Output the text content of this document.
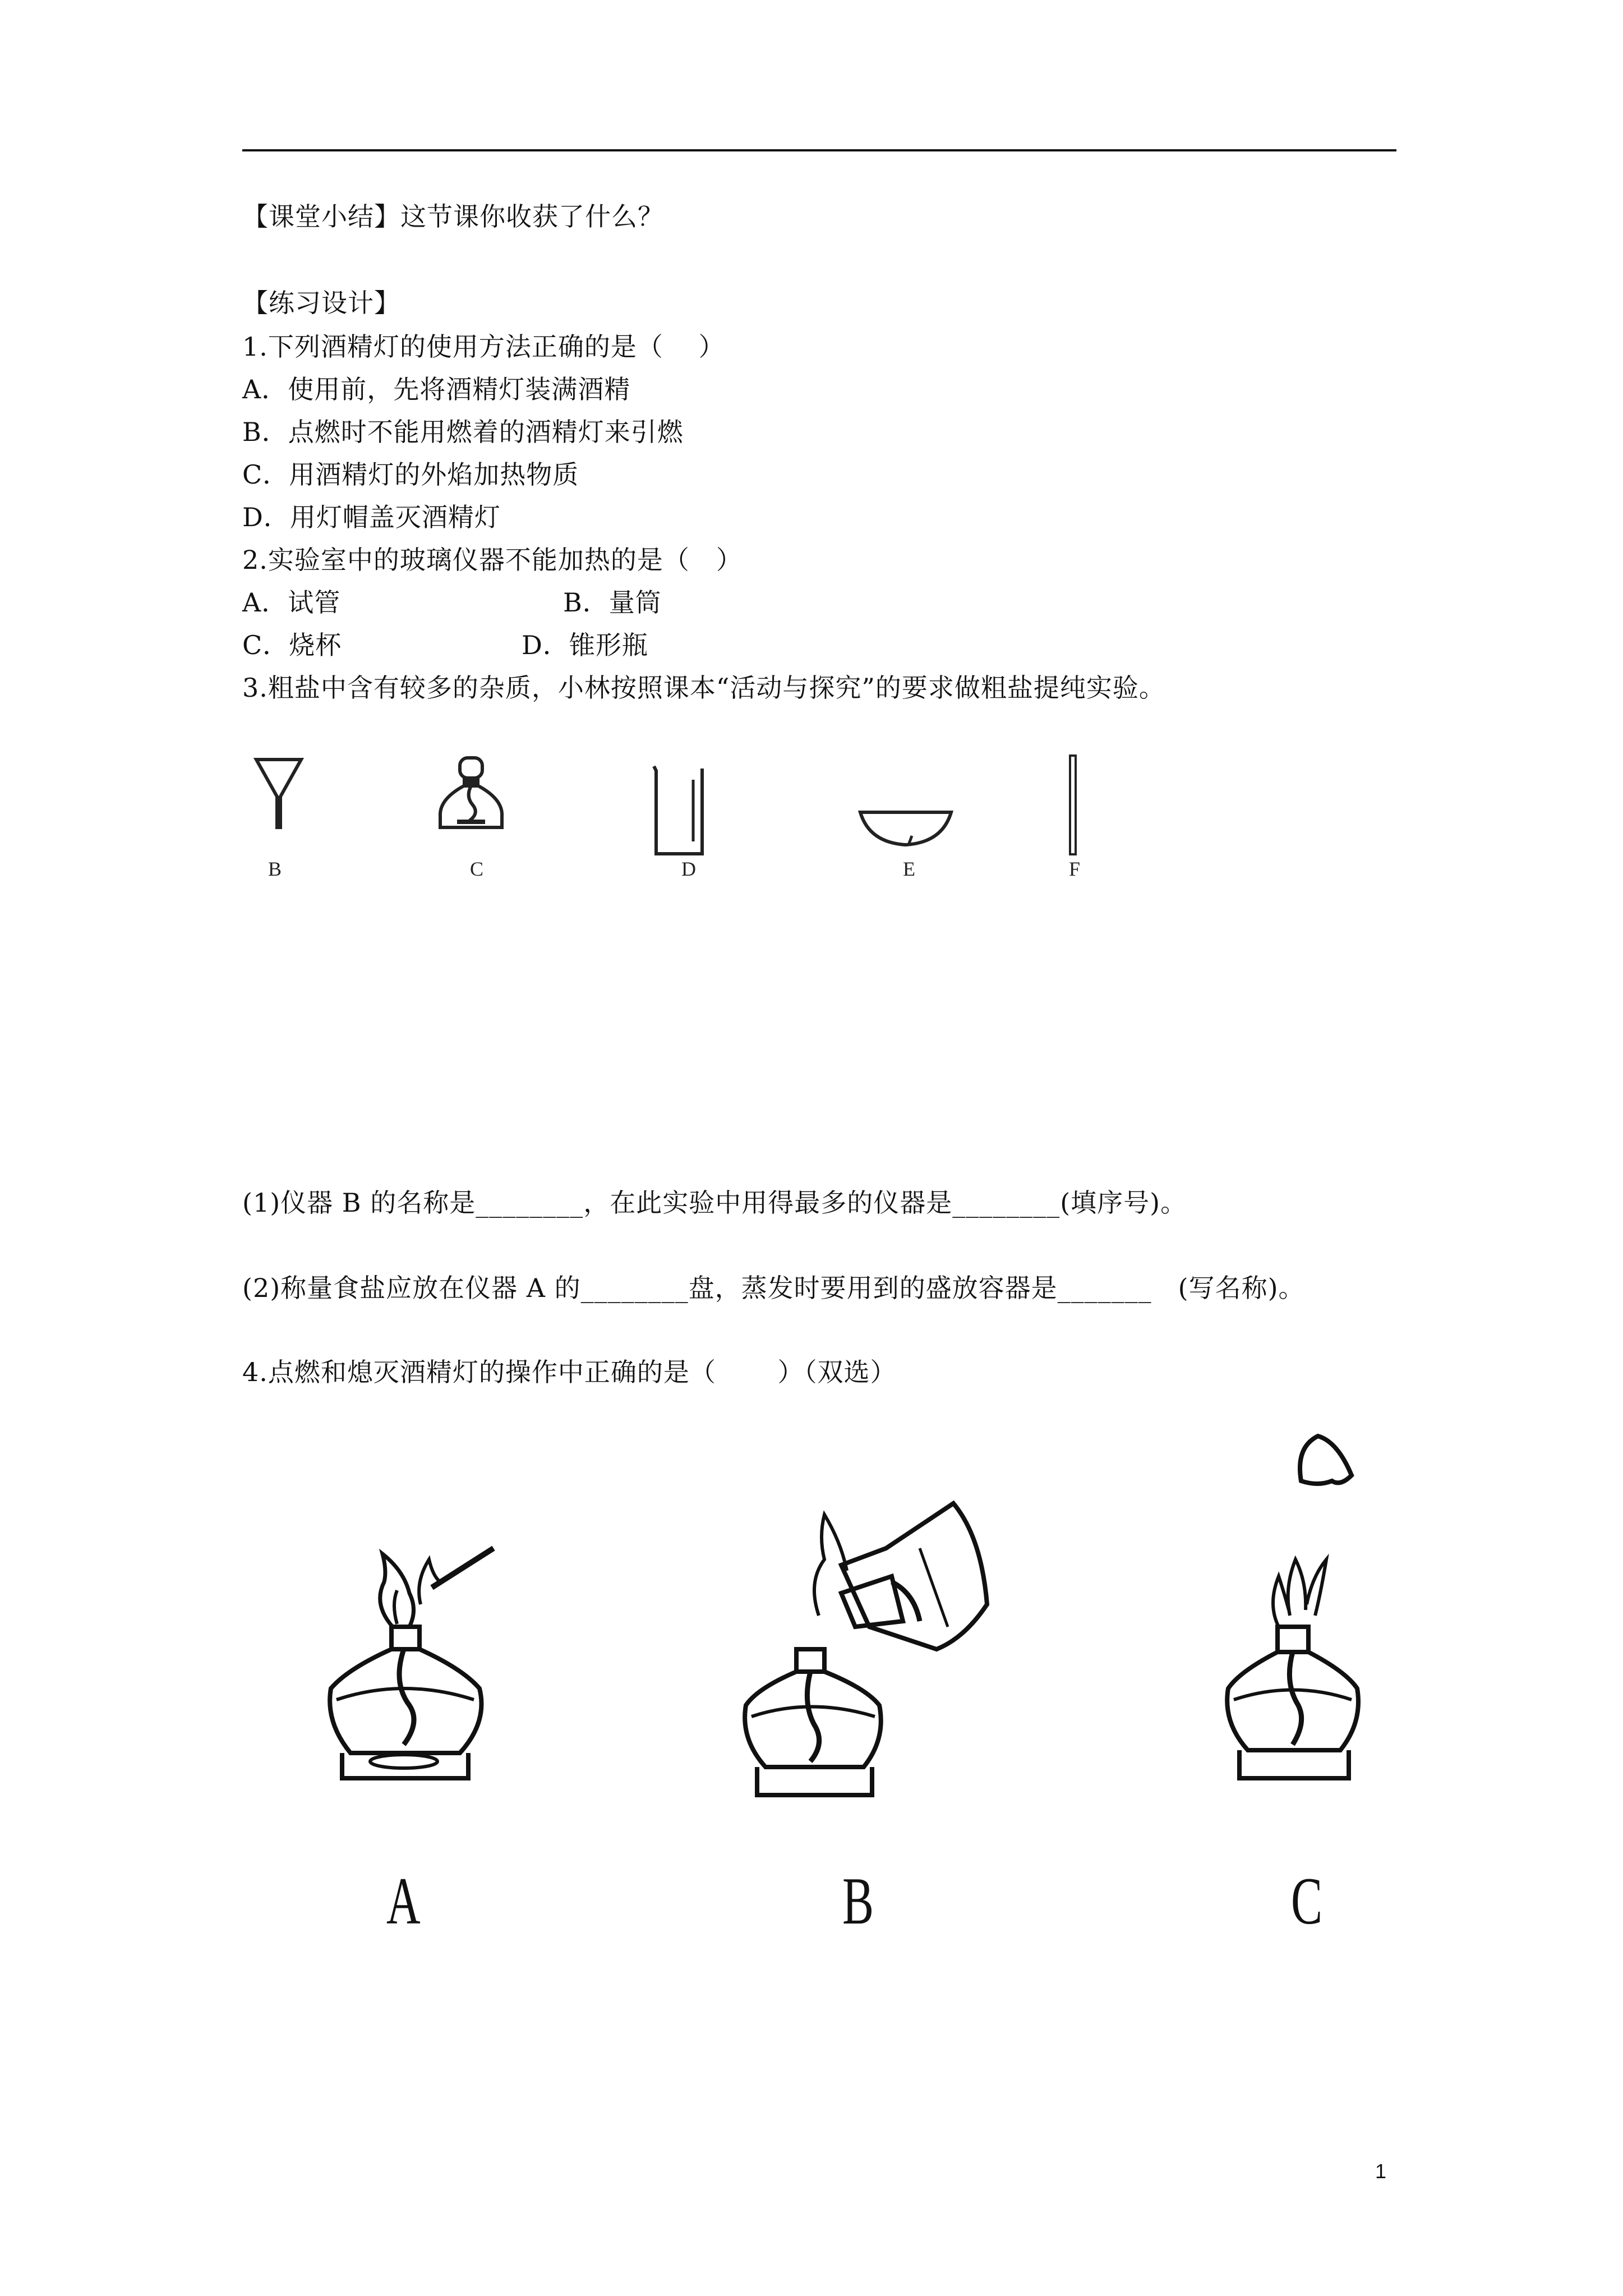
【课堂小结】这节课你收获了什么？
【练习设计】
1.下列酒精灯的使用方法正确的是（　 ）
A．使用前，先将酒精灯装满酒精
B．点燃时不能用燃着的酒精灯来引燃
C．用酒精灯的外焰加热物质
D．用灯帽盖灭酒精灯
2.实验室中的玻璃仪器不能加热的是（　）
A．试管	B．量筒
C．烧杯	D．锥形瓶
3.粗盐中含有较多的杂质，小林按照课本“活动与探究”的要求做粗盐提纯实验。
B	C	D	E	F
(1)仪器 B 的名称是________，在此实验中用得最多的仪器是________(填序号)。
(2)称量食盐应放在仪器 A 的________盘，蒸发时要用到的盛放容器是_______　(写名称)。
4.点燃和熄灭酒精灯的操作中正确的是（　　 ）（双选）
A	B	C
1
